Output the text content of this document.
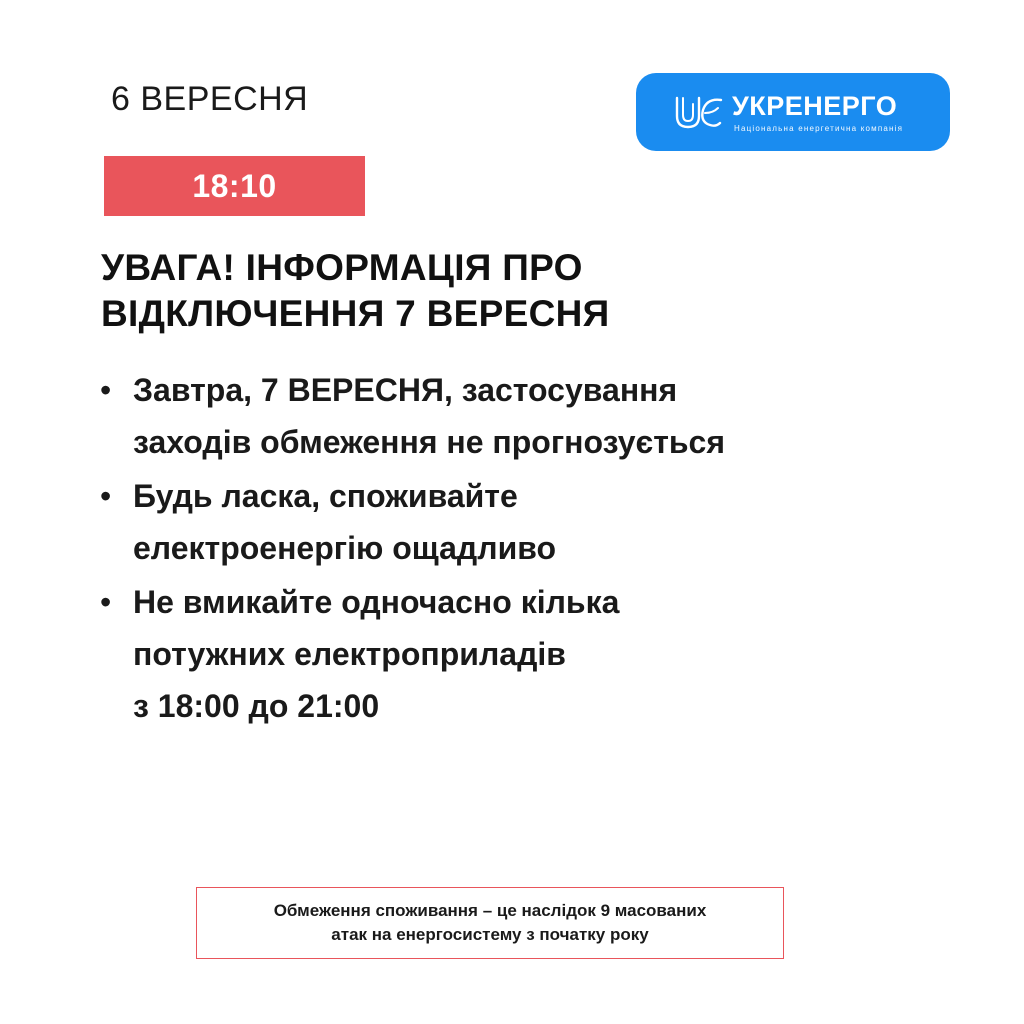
6 ВЕРЕСНЯ	УКРЕНЕРГО
Національна енергетична компанія
18:10
УВАГА! ІНФОРМАЦІЯ ПРО
ВІДКЛЮЧЕННЯ 7 ВЕРЕСНЯ
• Завтра, 7 ВЕРЕСНЯ, застосування
заходів обмеження не прогнозується
• Будь ласка, споживайте
електроенергію ощадливо
• Не вмикайте одночасно кілька
потужних електроприладів
з 18:00 до 21:00
Обмеження споживання – це наслідок 9 масованих
атак на енергосистему з початку року
